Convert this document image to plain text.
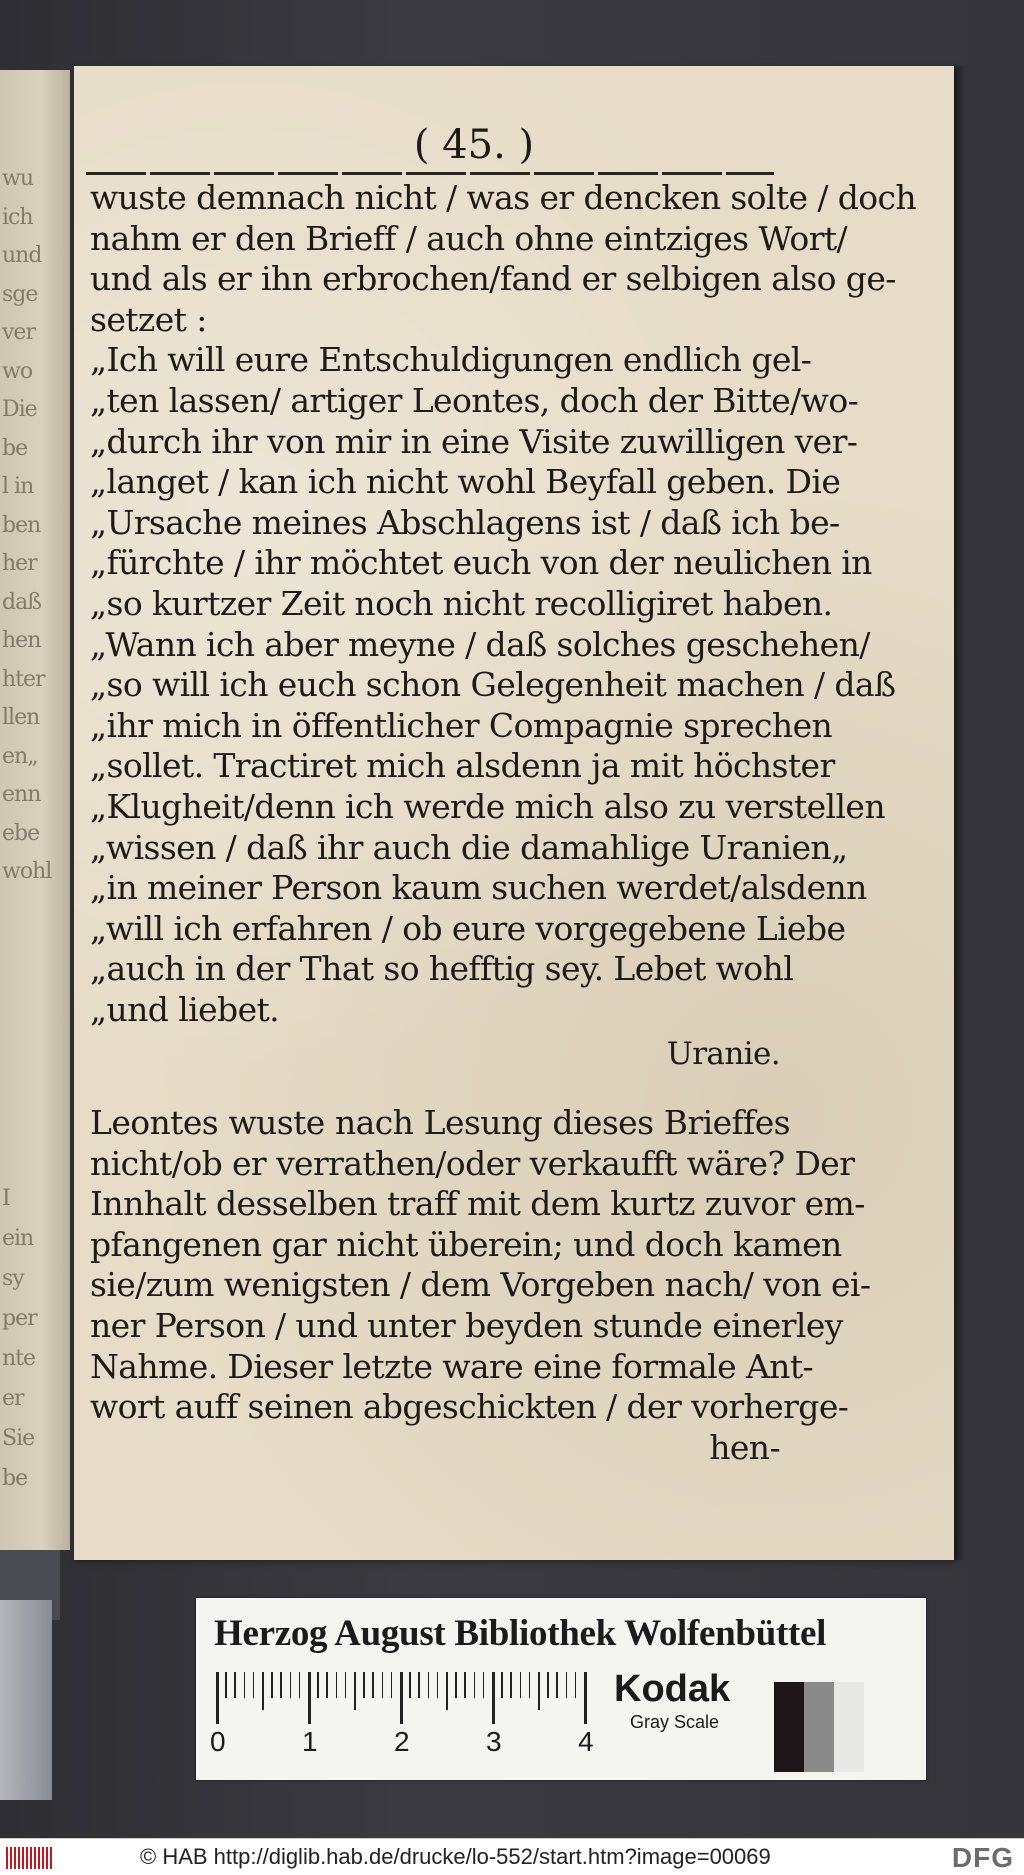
wu
ich
und
sge
ver
wo
Die
be
l in
ben
her
daß
hen
hter
llen
en„
enn
ebe
wohl
I
ein
sy
per
nte
er
Sie
be
( 45. )
wuste demnach nicht / was er dencken solte / doch
nahm er den Brieff / auch ohne eintziges Wort/
und als er ihn erbrochen/fand er selbigen also ge-
setzet :
„Ich will eure Entschuldigungen endlich gel-
„ten lassen/ artiger Leontes, doch der Bitte/wo-
„durch ihr von mir in eine Visite zuwilligen ver-
„langet / kan ich nicht wohl Beyfall geben. Die
„Ursache meines Abschlagens ist / daß ich be-
„fürchte / ihr möchtet euch von der neulichen in
„so kurtzer Zeit noch nicht recolligiret haben.
„Wann ich aber meyne / daß solches geschehen/
„so will ich euch schon Gelegenheit machen / daß
„ihr mich in öffentlicher Compagnie sprechen
„sollet. Tractiret mich alsdenn ja mit höchster
„Klugheit/denn ich werde mich also zu verstellen
„wissen / daß ihr auch die damahlige Uranien„
„in meiner Person kaum suchen werdet/alsdenn
„will ich erfahren / ob eure vorgegebene Liebe
„auch in der That so hefftig sey. Lebet wohl
„und liebet.
Uranie.
Leontes wuste nach Lesung dieses Brieffes
nicht/ob er verrathen/oder verkaufft wäre? Der
Innhalt desselben traff mit dem kurtz zuvor em-
pfangenen gar nicht überein; und doch kamen
sie/zum wenigsten / dem Vorgeben nach/ von ei-
ner Person / und unter beyden stunde einerley
Nahme. Dieser letzte ware eine formale Ant-
wort auff seinen abgeschickten / der vorherge-
hen-
Herzog August Bibliothek Wolfenbüttel
0	1	2	3	4
Kodak
Gray Scale
© HAB http://diglib.hab.de/drucke/lo-552/start.htm?image=00069	DFG
